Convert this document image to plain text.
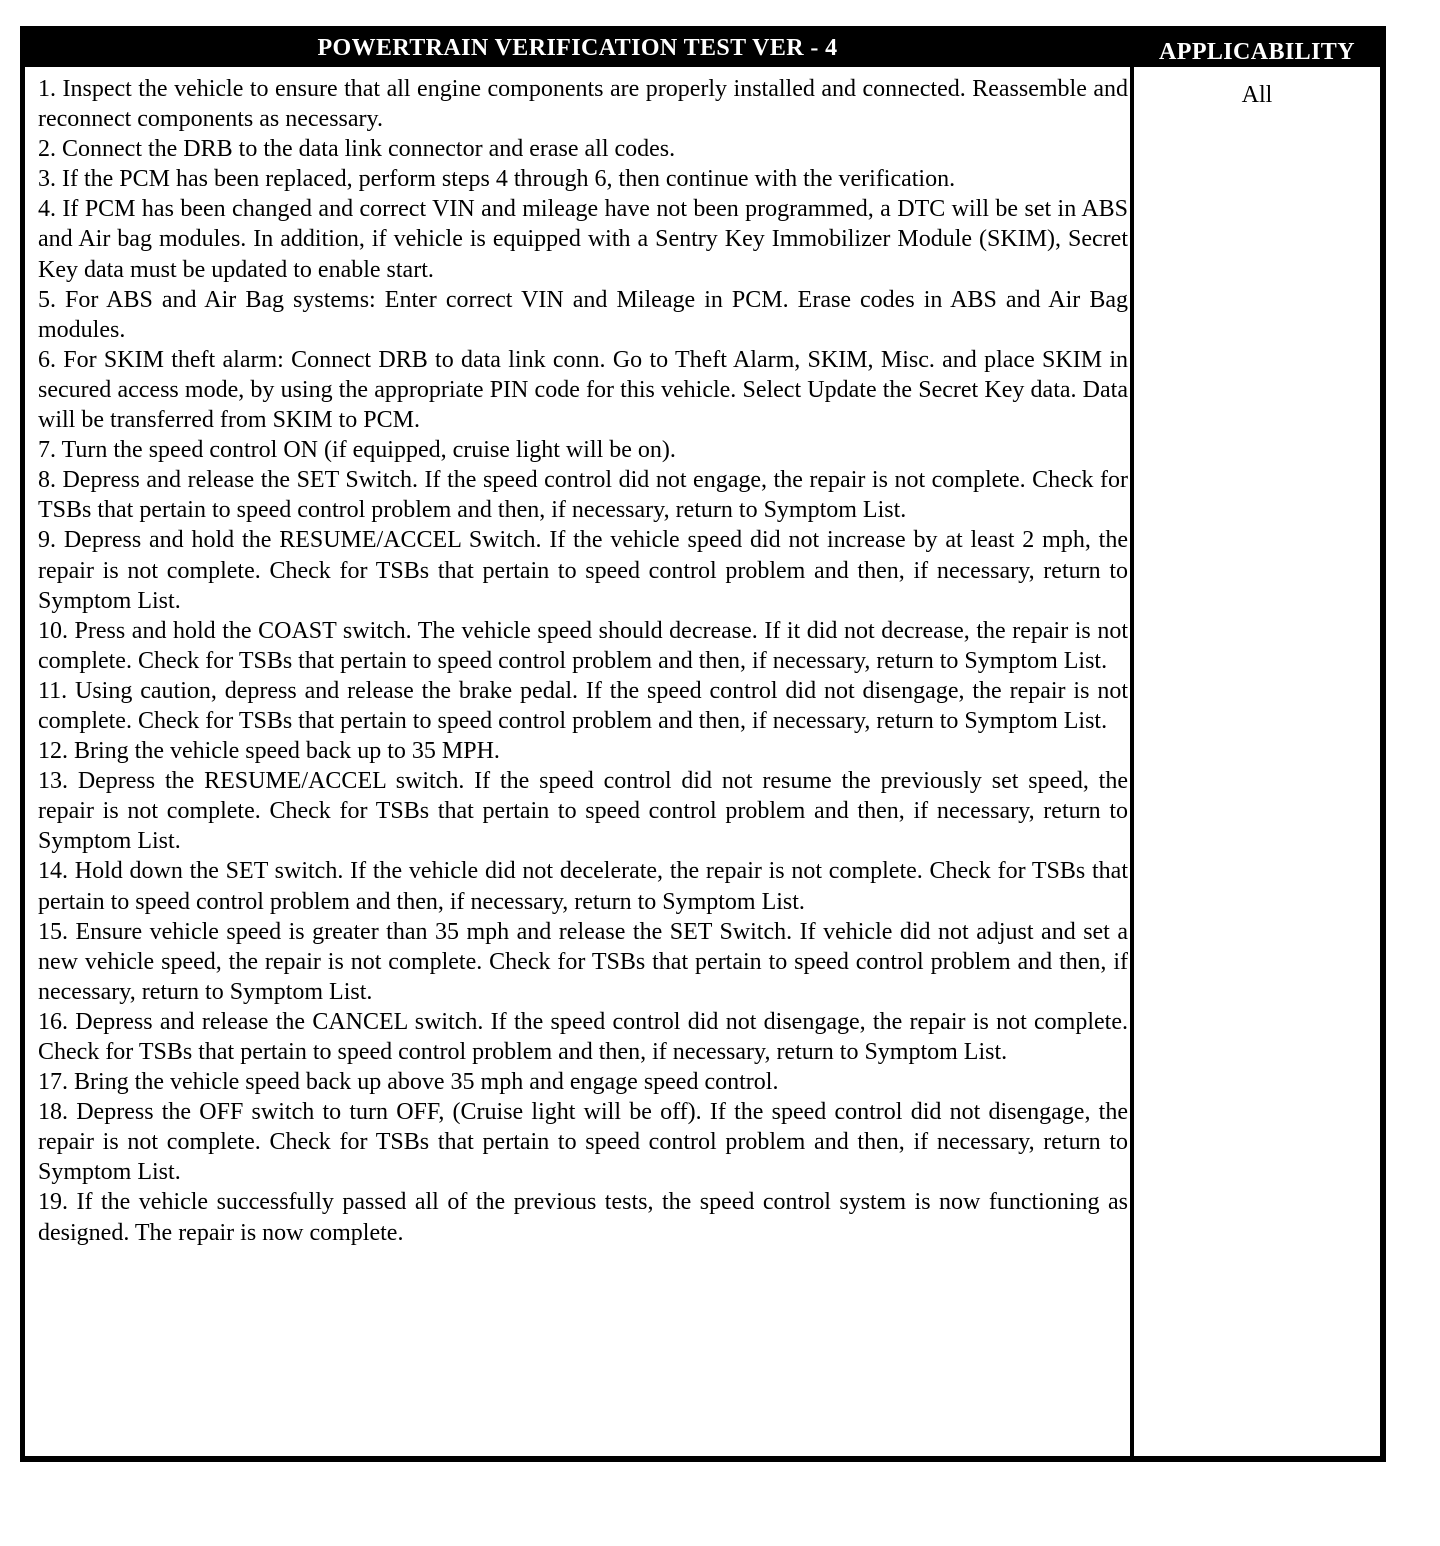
POWERTRAIN VERIFICATION TEST VER - 4	APPLICABILITY
1. Inspect the vehicle to ensure that all engine components are properly installed and connected. Reassemble and reconnect components as necessary.
2. Connect the DRB to the data link connector and erase all codes.
3. If the PCM has been replaced, perform steps 4 through 6, then continue with the verification.
4. If PCM has been changed and correct VIN and mileage have not been programmed, a DTC will be set in ABS and Air bag modules. In addition, if vehicle is equipped with a Sentry Key Immobilizer Module (SKIM), Secret Key data must be updated to enable start.
5. For ABS and Air Bag systems: Enter correct VIN and Mileage in PCM. Erase codes in ABS and Air Bag modules.
6. For SKIM theft alarm: Connect DRB to data link conn. Go to Theft Alarm, SKIM, Misc. and place SKIM in secured access mode, by using the appropriate PIN code for this vehicle. Select Update the Secret Key data. Data will be transferred from SKIM to PCM.
7. Turn the speed control ON (if equipped, cruise light will be on).
8. Depress and release the SET Switch. If the speed control did not engage, the repair is not complete. Check for TSBs that pertain to speed control problem and then, if necessary, return to Symptom List.
9. Depress and hold the RESUME/ACCEL Switch. If the vehicle speed did not increase by at least 2 mph, the repair is not complete. Check for TSBs that pertain to speed control problem and then, if necessary, return to Symptom List.
10. Press and hold the COAST switch. The vehicle speed should decrease. If it did not decrease, the repair is not complete. Check for TSBs that pertain to speed control problem and then, if necessary, return to Symptom List.
11. Using caution, depress and release the brake pedal. If the speed control did not disengage, the repair is not complete. Check for TSBs that pertain to speed control problem and then, if necessary, return to Symptom List.
12. Bring the vehicle speed back up to 35 MPH.
13. Depress the RESUME/ACCEL switch. If the speed control did not resume the previously set speed, the repair is not complete. Check for TSBs that pertain to speed control problem and then, if necessary, return to Symptom List.
14. Hold down the SET switch. If the vehicle did not decelerate, the repair is not complete. Check for TSBs that pertain to speed control problem and then, if necessary, return to Symptom List.
15. Ensure vehicle speed is greater than 35 mph and release the SET Switch. If vehicle did not adjust and set a new vehicle speed, the repair is not complete. Check for TSBs that pertain to speed control problem and then, if necessary, return to Symptom List.
16. Depress and release the CANCEL switch. If the speed control did not disengage, the repair is not complete. Check for TSBs that pertain to speed control problem and then, if necessary, return to Symptom List.
17. Bring the vehicle speed back up above 35 mph and engage speed control.
18. Depress the OFF switch to turn OFF, (Cruise light will be off). If the speed control did not disengage, the repair is not complete. Check for TSBs that pertain to speed control problem and then, if necessary, return to Symptom List.
19. If the vehicle successfully passed all of the previous tests, the speed control system is now functioning as designed. The repair is now complete.
All
